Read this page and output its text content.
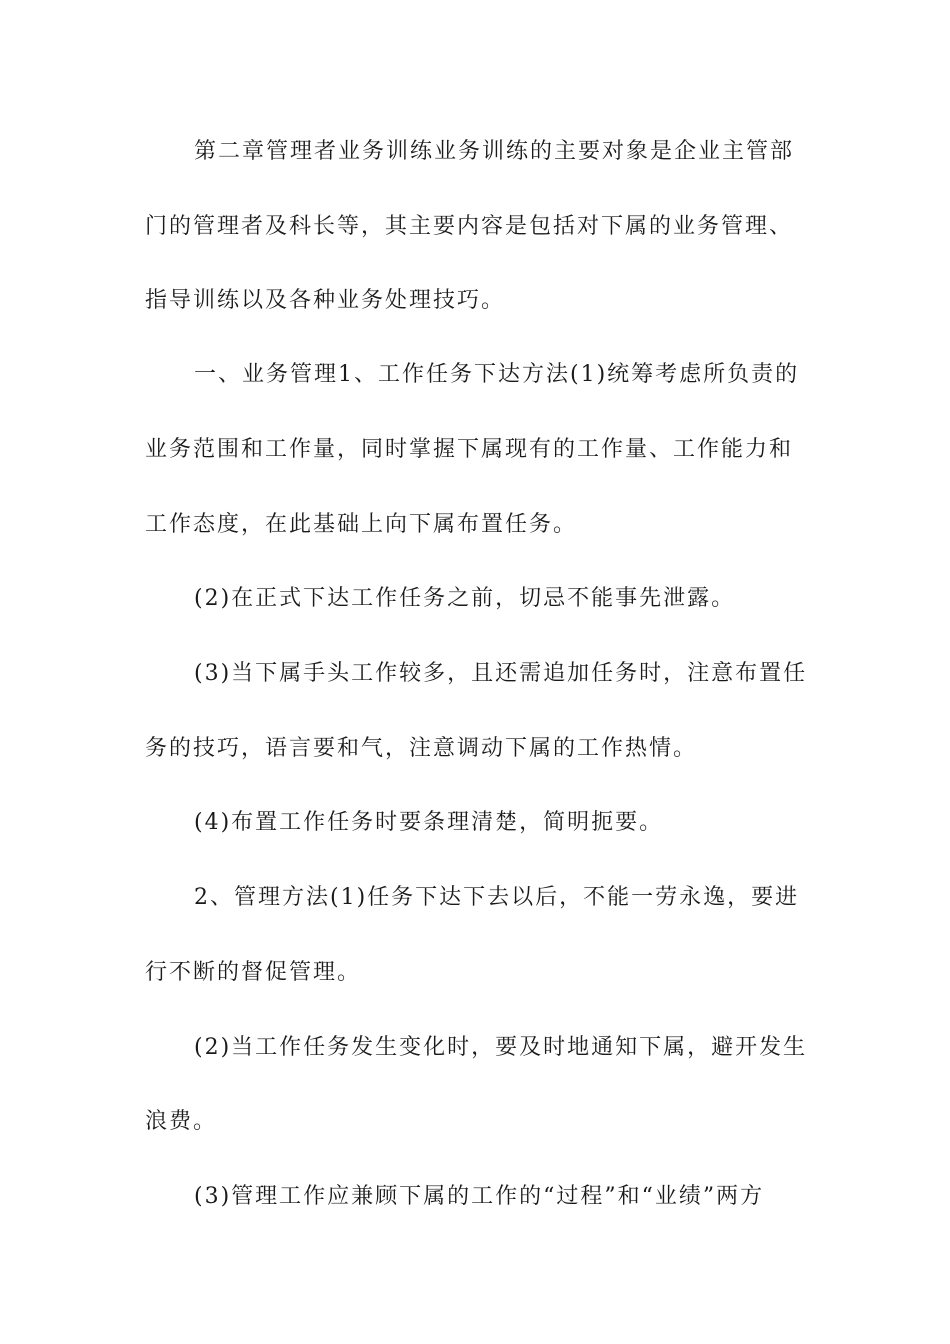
第二章管理者业务训练业务训练的主要对象是企业主管部
门的管理者及科长等，其主要内容是包括对下属的业务管理、
指导训练以及各种业务处理技巧。
一、业务管理1、工作任务下达方法(1)统筹考虑所负责的
业务范围和工作量，同时掌握下属现有的工作量、工作能力和
工作态度，在此基础上向下属布置任务。
(2)在正式下达工作任务之前，切忌不能事先泄露。
(3)当下属手头工作较多，且还需追加任务时，注意布置任
务的技巧，语言要和气，注意调动下属的工作热情。
(4)布置工作任务时要条理清楚，简明扼要。
2、管理方法(1)任务下达下去以后，不能一劳永逸，要进
行不断的督促管理。
(2)当工作任务发生变化时，要及时地通知下属，避开发生
浪费。
(3)管理工作应兼顾下属的工作的“过程”和“业绩”两方
